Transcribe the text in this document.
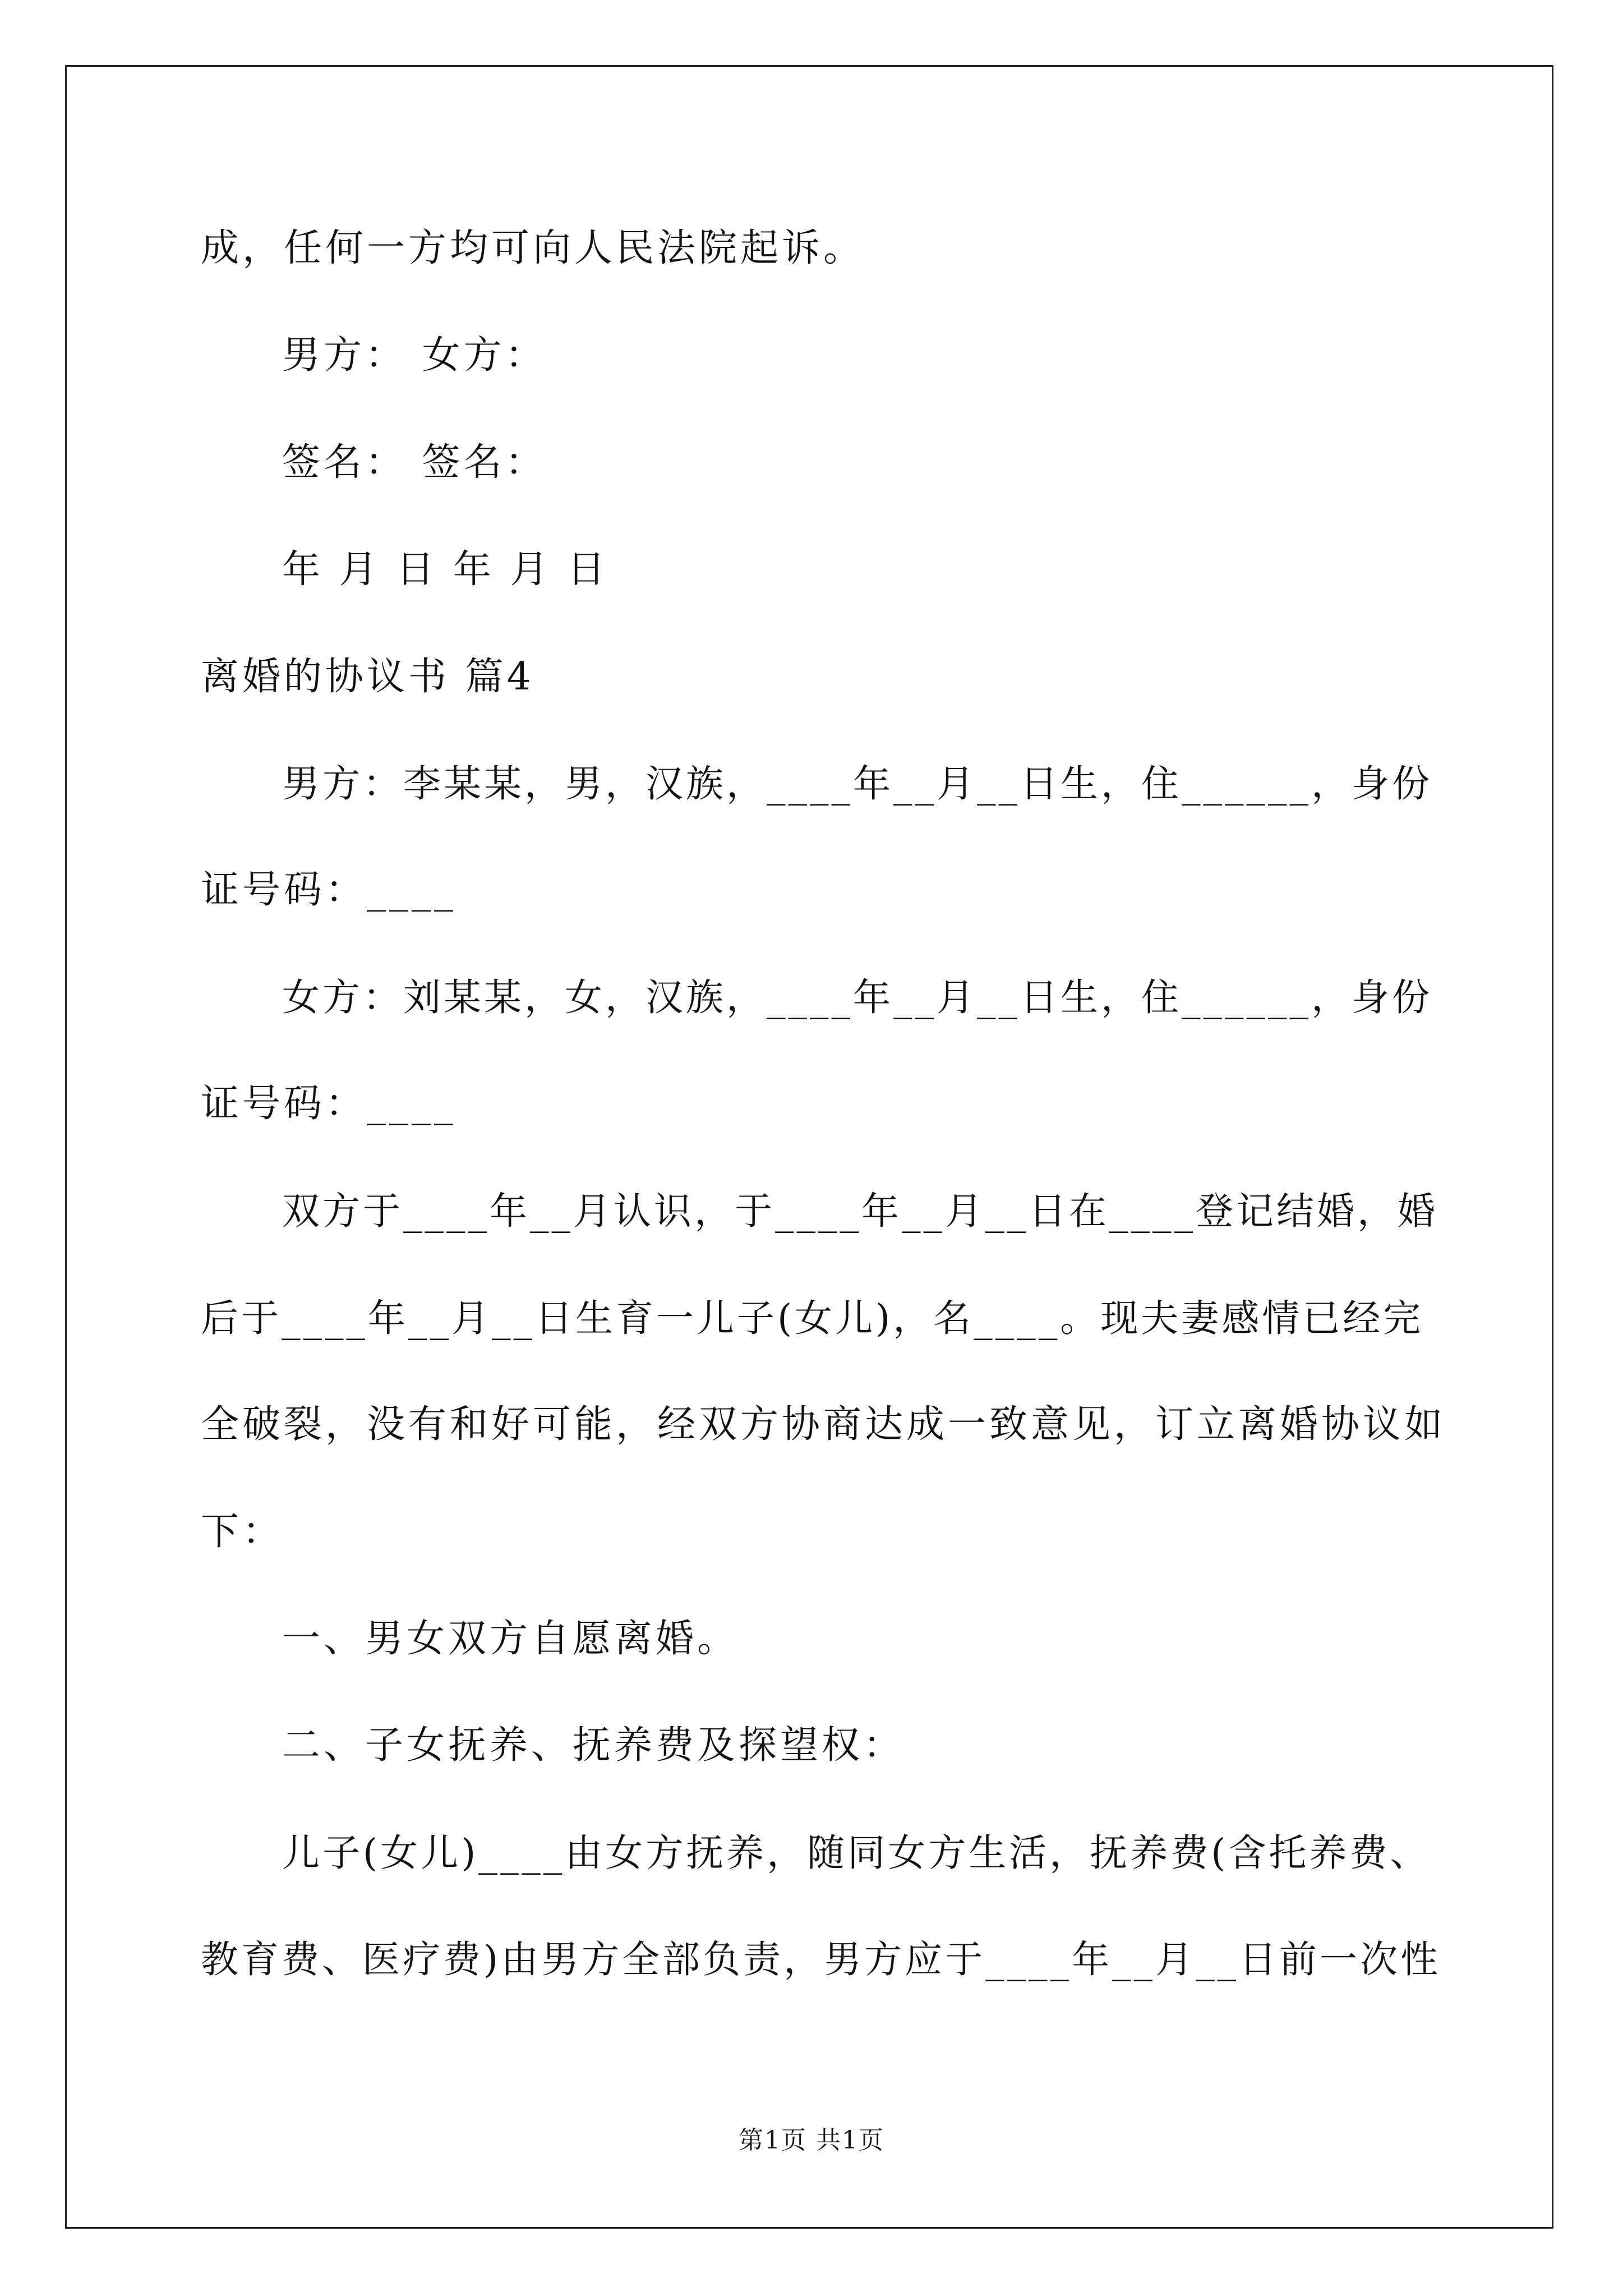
成，任何一方均可向人民法院起诉。
男方： 女方：
签名： 签名：
年 月 日 年 月 日
离婚的协议书 篇4
男方：李某某，男，汉族，____年__月__日生，住______，身份
证号码：____
女方：刘某某，女，汉族，____年__月__日生，住______，身份
证号码：____
双方于____年__月认识，于____年__月__日在____登记结婚，婚
后于____年__月__日生育一儿子(女儿)，名____。现夫妻感情已经完
全破裂，没有和好可能，经双方协商达成一致意见，订立离婚协议如
下：
一、男女双方自愿离婚。
二、子女抚养、抚养费及探望权：
儿子(女儿)____由女方抚养，随同女方生活，抚养费(含托养费、
教育费、医疗费)由男方全部负责，男方应于____年__月__日前一次性
第1页 共1页
